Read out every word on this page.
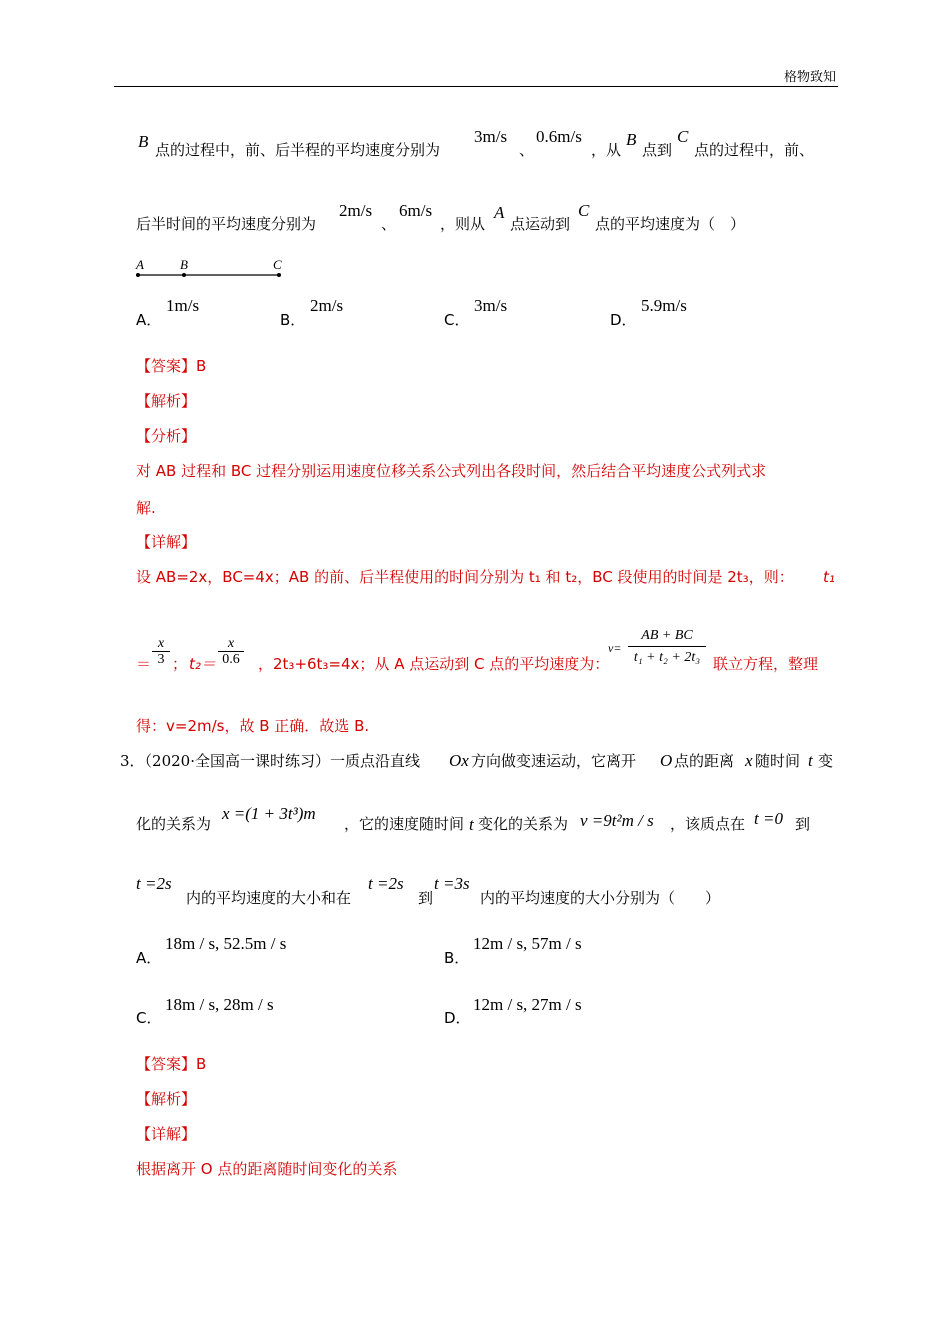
格物致知
B 点的过程中，前、后半程的平均速度分别为
3m/s
、
0.6m/s
，从
B
点到
C
点的过程中，前、
后半时间的平均速度分别为
2m/s
、
6m/s
，则从
A
点运动到
C
点的平均速度为（　）
A	B	C
A．
1m/s
B．
2m/s
C．
3m/s
D．
5.9m/s
【答案】B
【解析】
【分析】
对 AB 过程和 BC 过程分别运用速度位移关系公式列出各段时间，然后结合平均速度公式列式求
解.
【详解】
设 AB=2x，BC=4x；AB 的前、后半程使用的时间分别为 t₁ 和 t₂，BC 段使用的时间是 2t₃，则： t₁
＝
x
3 ； t₂＝
x
0.6 ，2t₃+6t₃=4x；从 A 点运动到 C 点的平均速度为：
v=
AB + BC
t₁ + t₂ + 2t₃ 联立方程，整理
得：v=2m/s，故 B 正确．故选 B.
3．（2020·全国高一课时练习）一质点沿直线 Ox 方向做变速运动，它离开 O 点的距离 x 随时间 t 变
化的关系为
x =(1 + 3t³)m
，它的速度随时间 t 变化的关系为 v =9t²m / s ，该质点在 t =0 到
t =2s
内的平均速度的大小和在
t =2s
到
t =3s
内的平均速度的大小分别为（　　）
A．
18m / s, 52.5m / s
B．
12m / s, 57m / s
C．
18m / s, 28m / s
D．
12m / s, 27m / s
【答案】B
【解析】
【详解】
根据离开 O 点的距离随时间变化的关系
